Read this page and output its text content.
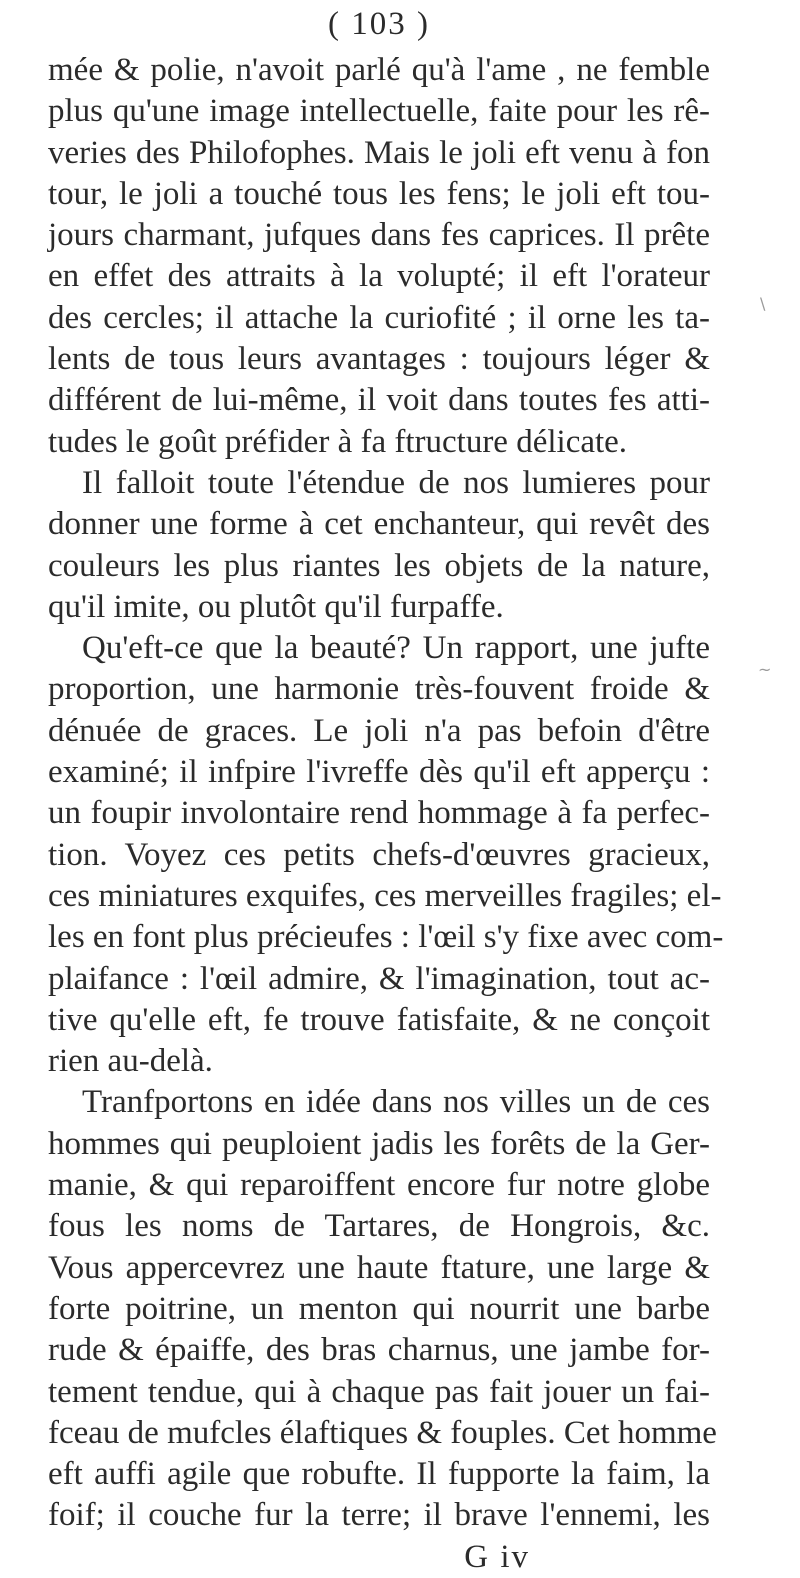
( 103 )
mée & polie, n'avoit parlé qu'à l'ame , ne femble
plus qu'une image intellectuelle, faite pour les rê-
veries des Philofophes. Mais le joli eft venu à fon
tour, le joli a touché tous les fens; le joli eft tou-
jours charmant, jufques dans fes caprices. Il prête
en effet des attraits à la volupté; il eft l'orateur
des cercles; il attache la curiofité ; il orne les ta-
lents de tous leurs avantages : toujours léger &
différent de lui-même, il voit dans toutes fes atti-
tudes le goût préfider à fa ftructure délicate.
Il falloit toute l'étendue de nos lumieres pour
donner une forme à cet enchanteur, qui revêt des
couleurs les plus riantes les objets de la nature,
qu'il imite, ou plutôt qu'il furpaffe.
Qu'eft-ce que la beauté? Un rapport, une jufte
proportion, une harmonie très-fouvent froide &
dénuée de graces. Le joli n'a pas befoin d'être
examiné; il infpire l'ivreffe dès qu'il eft apperçu :
un foupir involontaire rend hommage à fa perfec-
tion. Voyez ces petits chefs-d'œuvres gracieux,
ces miniatures exquifes, ces merveilles fragiles; el-
les en font plus précieufes : l'œil s'y fixe avec com-
plaifance : l'œil admire, & l'imagination, tout ac-
tive qu'elle eft, fe trouve fatisfaite, & ne conçoit
rien au-delà.
Tranfportons en idée dans nos villes un de ces
hommes qui peuploient jadis les forêts de la Ger-
manie, & qui reparoiffent encore fur notre globe
fous les noms de Tartares, de Hongrois, &c.
Vous appercevrez une haute ftature, une large &
forte poitrine, un menton qui nourrit une barbe
rude & épaiffe, des bras charnus, une jambe for-
tement tendue, qui à chaque pas fait jouer un fai-
fceau de mufcles élaftiques & fouples. Cet homme
eft auffi agile que robufte. Il fupporte la faim, la
foif; il couche fur la terre; il brave l'ennemi, les
G iv
\
~
